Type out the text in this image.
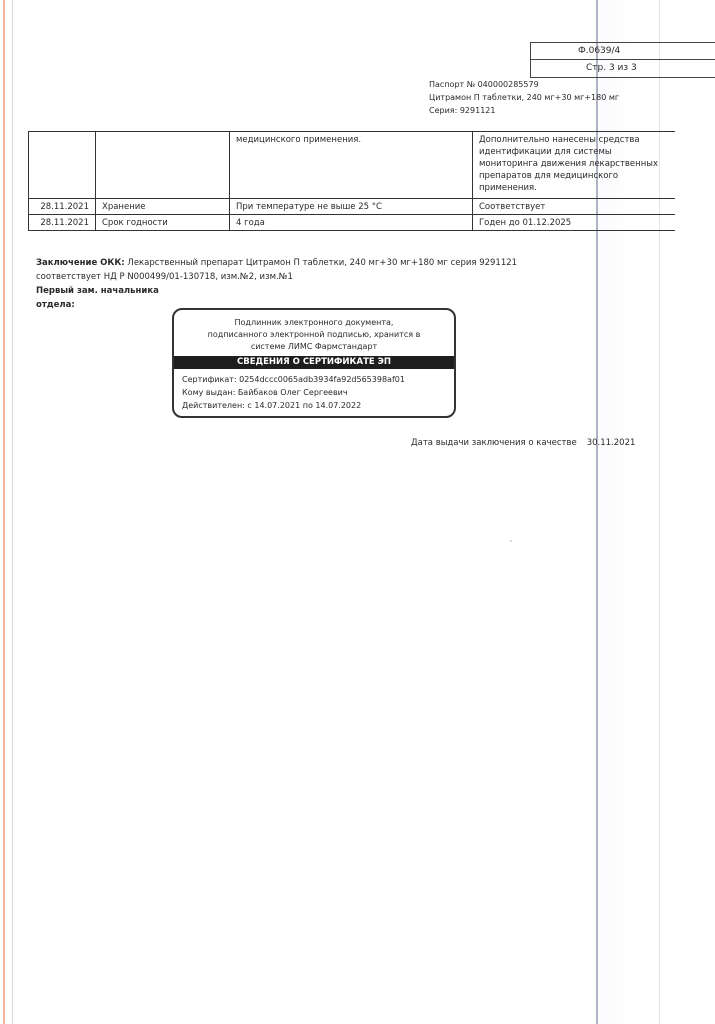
Ф.0639/4
Стр. 3 из 3
Паспорт № 040000285579
Цитрамон П таблетки, 240 мг+30 мг+180 мг
Серия: 9291121

		медицинского применения.	Дополнительно нанесены средства
идентификации для системы
мониторинга движения лекарственных
препаратов для медицинского
применения.

28.11.2021	Хранение	При температуре не выше 25 °С	Соответствует
28.11.2021	Срок годности	4 года	Годен до 01.12.2025
Заключение ОКК: Лекарственный препарат Цитрамон П таблетки, 240 мг+30 мг+180 мг серия 9291121 соответствует НД Р N000499/01-130718, изм.№2, изм.№1
Первый зам. начальника
отдела:
Подлинник электронного документа,
подписанного электронной подписью, хранится в
системе ЛИМС Фармстандарт
СВЕДЕНИЯ О СЕРТИФИКАТЕ ЭП
Сертификат: 0254dccc0065adb3934fa92d565398af01
Кому выдан: Байбаков Олег Сергеевич
Действителен: с 14.07.2021 по 14.07.2022
Дата выдачи заключения о качестве 30.11.2021
